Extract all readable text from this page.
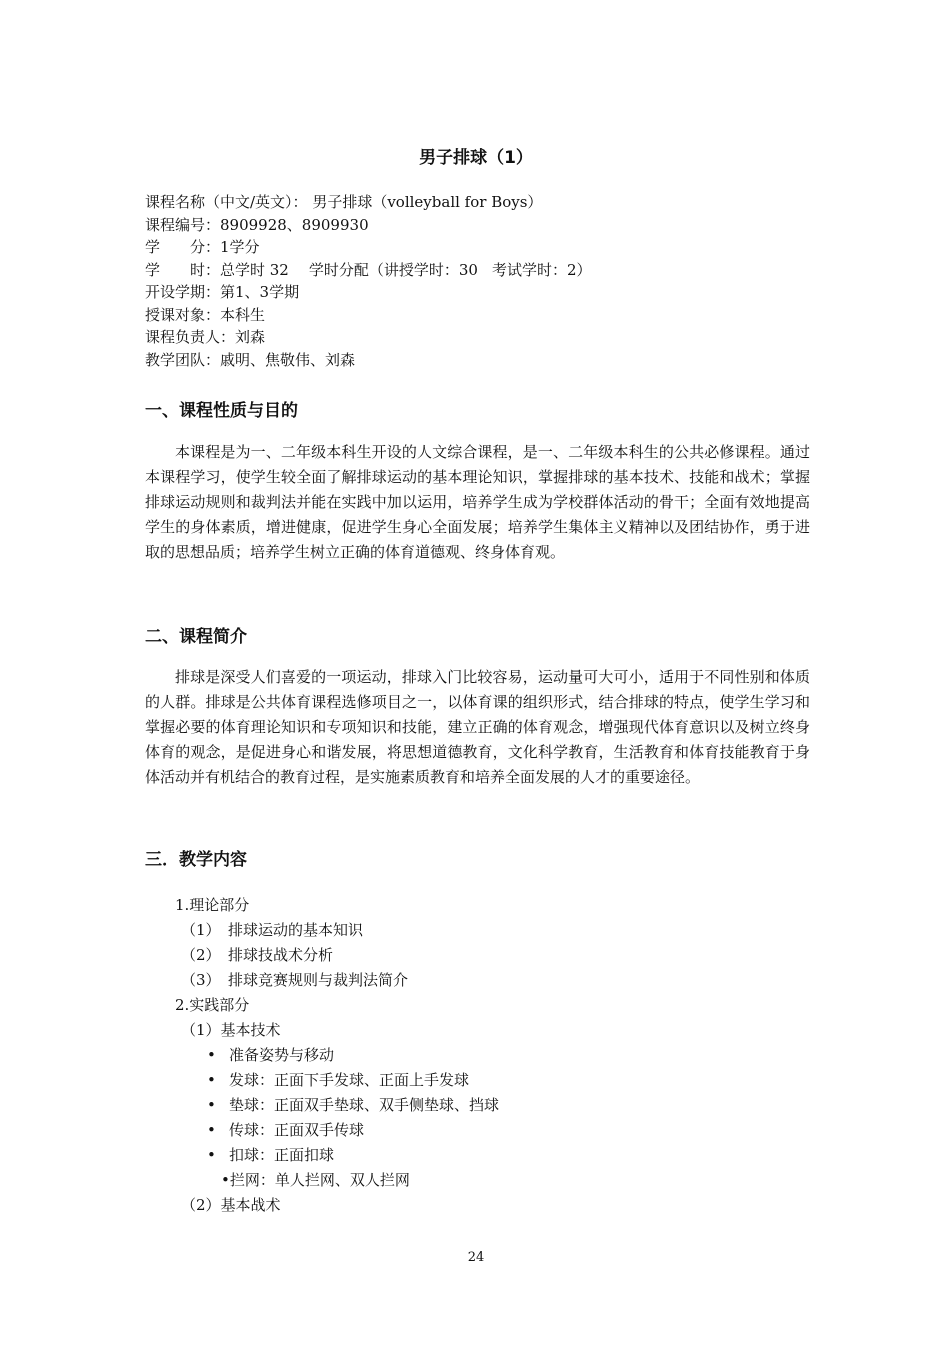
男子排球（1）
课程名称（中文/英文）： 男子排球（volleyball for Boys）
课程编号：8909928、8909930
学　　分：1学分
学　　时：总学时 32 学时分配（讲授学时：30 考试学时：2）
开设学期：第1、3学期
授课对象：本科生
课程负责人：刘森
教学团队：戚明、焦敬伟、刘森
一、课程性质与目的
本课程是为一、二年级本科生开设的人文综合课程，是一、二年级本科生的公共必修课程。通过本课程学习，使学生较全面了解排球运动的基本理论知识，掌握排球的基本技术、技能和战术；掌握排球运动规则和裁判法并能在实践中加以运用，培养学生成为学校群体活动的骨干；全面有效地提高学生的身体素质，增进健康，促进学生身心全面发展；培养学生集体主义精神以及团结协作，勇于进取的思想品质；培养学生树立正确的体育道德观、终身体育观。
二、课程简介
排球是深受人们喜爱的一项运动，排球入门比较容易，运动量可大可小，适用于不同性别和体质的人群。排球是公共体育课程选修项目之一，以体育课的组织形式，结合排球的特点，使学生学习和掌握必要的体育理论知识和专项知识和技能，建立正确的体育观念，增强现代体育意识以及树立终身体育的观念，是促进身心和谐发展，将思想道德教育，文化科学教育，生活教育和体育技能教育于身体活动并有机结合的教育过程，是实施素质教育和培养全面发展的人才的重要途径。
三．教学内容
1.理论部分
（1）　排球运动的基本知识
（2）　排球技战术分析
（3）　排球竞赛规则与裁判法简介
2.实践部分
（1）基本技术
• 准备姿势与移动
• 发球：正面下手发球、正面上手发球
• 垫球：正面双手垫球、双手侧垫球、挡球
• 传球：正面双手传球
• 扣球：正面扣球
•拦网：单人拦网、双人拦网
（2）基本战术
24
